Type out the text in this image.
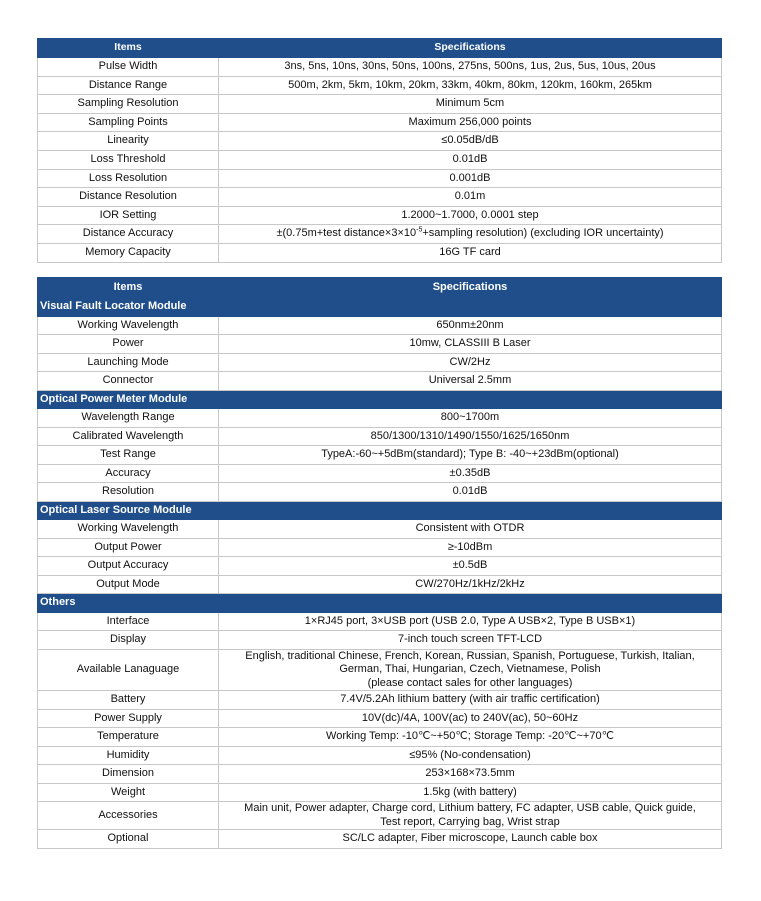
Items	Specifications
Pulse Width	3ns, 5ns, 10ns, 30ns, 50ns, 100ns, 275ns, 500ns, 1us, 2us, 5us, 10us, 20us
Distance Range	500m, 2km, 5km, 10km, 20km, 33km, 40km, 80km, 120km, 160km, 265km
Sampling Resolution	Minimum 5cm
Sampling Points	Maximum 256,000 points
Linearity	≤0.05dB/dB
Loss Threshold	0.01dB
Loss Resolution	0.001dB
Distance Resolution	0.01m
IOR Setting	1.2000~1.7000, 0.0001 step
Distance Accuracy	±(0.75m+test $distance\times 3\times 10^{-5}+sampling$ resolution) (excluding IOR uncertainty)
Memory Capacity	16G TF card
Items	Specifications
Visual Fault Locator Module	
Working Wavelength	650nm±20nm
Power	10mw, CLASSIII B Laser
Launching Mode	CW/2Hz
Connector	Universal 2.5mm
Optical Power Meter Module	
Wavelength Range	800~1700m
Calibrated Wavelength	850/1300/1310/1490/1550/1625/1650nm
Test Range	TypeA:-60~+5dBm(standard); Type B: -40~+23dBm(optional)
Accuracy	±0.35dB
Resolution	0.01dB
Optical Laser Source Module	
Working Wavelength	Consistent with OTDR
Output Power	≥-10dBm
Output Accuracy	±0.5dB
Output Mode	CW/270Hz/1kHz/2kHz
Others	
Interface	1×RJ45 port, 3×USB port (USB 2.0, Type A USB×2, Type B USB×1)
Display	7-inch touch screen TFT-LCD
Available Lanaguage	English, traditional Chinese, French, Korean, Russian, Spanish, Portuguese, Turkish, Italian,
German, Thai, Hungarian, Czech, Vietnamese, Polish
(please contact sales for other languages)

Battery	7.4V/5.2Ah lithium battery (with air traffic certification)
Power Supply	10V(dc)/4A, 100V(ac) to 240V(ac), 50~60Hz
Temperature	Working Temp: -10℃~+50℃; Storage Temp: -20℃~+70℃
Humidity	≤95% (No-condensation)
Dimension	253×168×73.5mm
Weight	1.5kg (with battery)
Accessories	Main unit, Power adapter, Charge cord, Lithium battery, FC adapter, USB cable, Quick guide,
Test report, Carrying bag, Wrist strap

Optional	SC/LC adapter, Fiber microscope, Launch cable box
